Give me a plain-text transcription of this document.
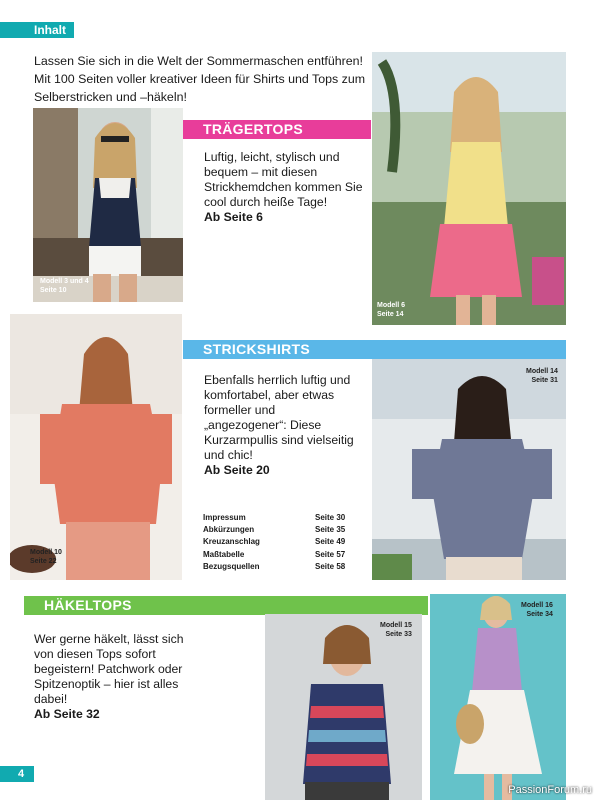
Inhalt
Lassen Sie sich in die Welt der Sommermaschen entführen! Mit 100 Seiten voller kreativer Ideen für Shirts und Tops zum Selberstricken und –häkeln!
Modell 3 und 4
Seite 10
Modell 6
Seite 14
TRÄGERTOPS
Luftig, leicht, stylisch und bequem – mit diesen Strickhemdchen kommen Sie cool durch heiße Tage!
Ab Seite 6
Modell 10
Seite 22
Modell 14
Seite 31
STRICKSHIRTS
Ebenfalls herrlich luftig und komfortabel, aber etwas formeller und „angezogener“: Diese Kurzarmpullis sind vielseitig und chic!
Ab Seite 20
Impressum	Seite 30
Abkürzungen	Seite 35
Kreuzanschlag	Seite 49
Maßtabelle	Seite 57
Bezugsquellen	Seite 58
HÄKELTOPS
Wer gerne häkelt, lässt sich von diesen Tops sofort begeistern! Patchwork oder Spitzenoptik – hier ist alles dabei!
Ab Seite 32
Modell 15
Seite 33
Modell 16
Seite 34
4
PassionForum.ru
